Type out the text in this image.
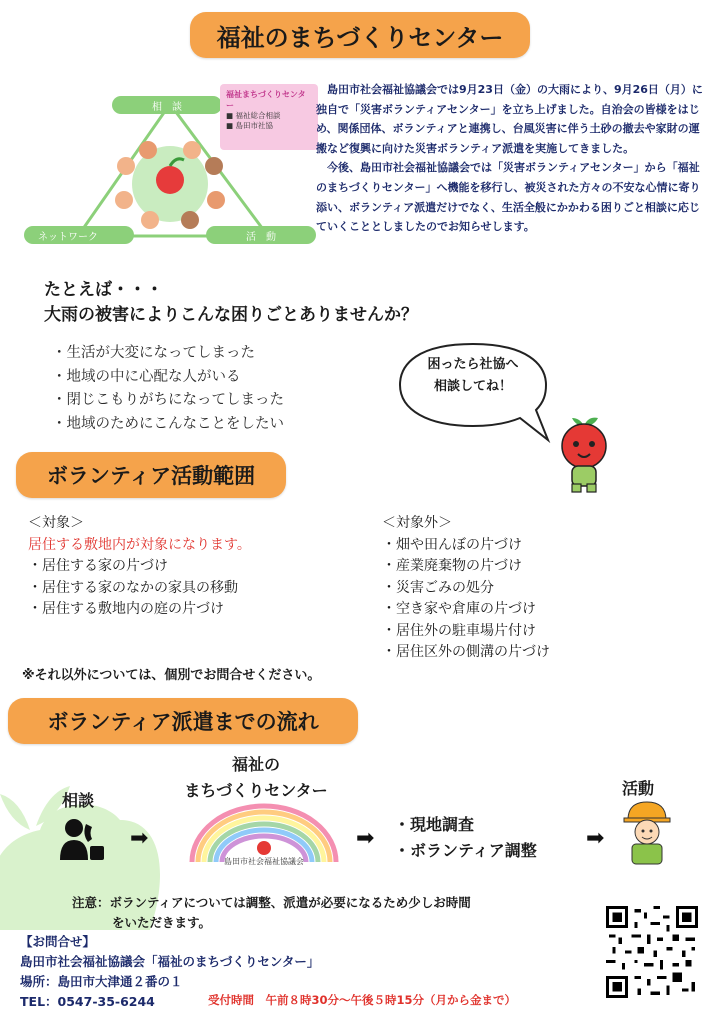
福祉のまちづくりセンター
相　談
ネットワーク	活　動
福祉まちづくりセンター
■ 福祉総合相談
■ 島田市社協

島田市社会福祉協議会では9月23日（金）の大雨により、9月26日（月）に独自で「災害ボランティアセンター」を立ち上げました。自治会の皆様をはじめ、関係団体、ボランティアと連携し、台風災害に伴う土砂の撤去や家財の運搬など復興に向けた災害ボランティア派遣を実施してきました。

今後、島田市社会福祉協議会では「災害ボランティアセンター」から「福祉のまちづくりセンター」へ機能を移行し、被災された方々の不安な心情に寄り添い、ボランティア派遣だけでなく、生活全般にかかわる困りごと相談に応じていくこととしましたのでお知らせします。

たとえば・・・
大雨の被害によりこんな困りごとありませんか？
・生活が大変になってしまった
・地域の中に心配な人がいる
・閉じこもりがちになってしまった
・地域のためにこんなことをしたい
困ったら社協へ
相談してね！
ボランティア活動範囲
＜対象＞
居住する敷地内が対象になります。
・居住する家の片づけ
・居住する家のなかの家具の移動
・居住する敷地内の庭の片づけ
＜対象外＞
・畑や田んぼの片づけ
・産業廃棄物の片づけ
・災害ごみの処分
・空き家や倉庫の片づけ
・居住外の駐車場片付け
・居住区外の側溝の片づけ
※それ以外については、個別でお問合せください。
ボランティア派遣までの流れ
相談
➡
福祉の
まちづくりセンター
島田市社会福祉協議会
➡
・現地調査
・ボランティア調整 ➡
活動
注意：ボランティアについては調整、派遣が必要になるため少しお時間
をいただきます。
【お問合せ】
島田市社会福祉協議会「福祉のまちづくりセンター」
場所：島田市大津通２番の１
TEL：0547-35-6244	受付時間　午前８時30分～午後５時15分（月から金まで）
